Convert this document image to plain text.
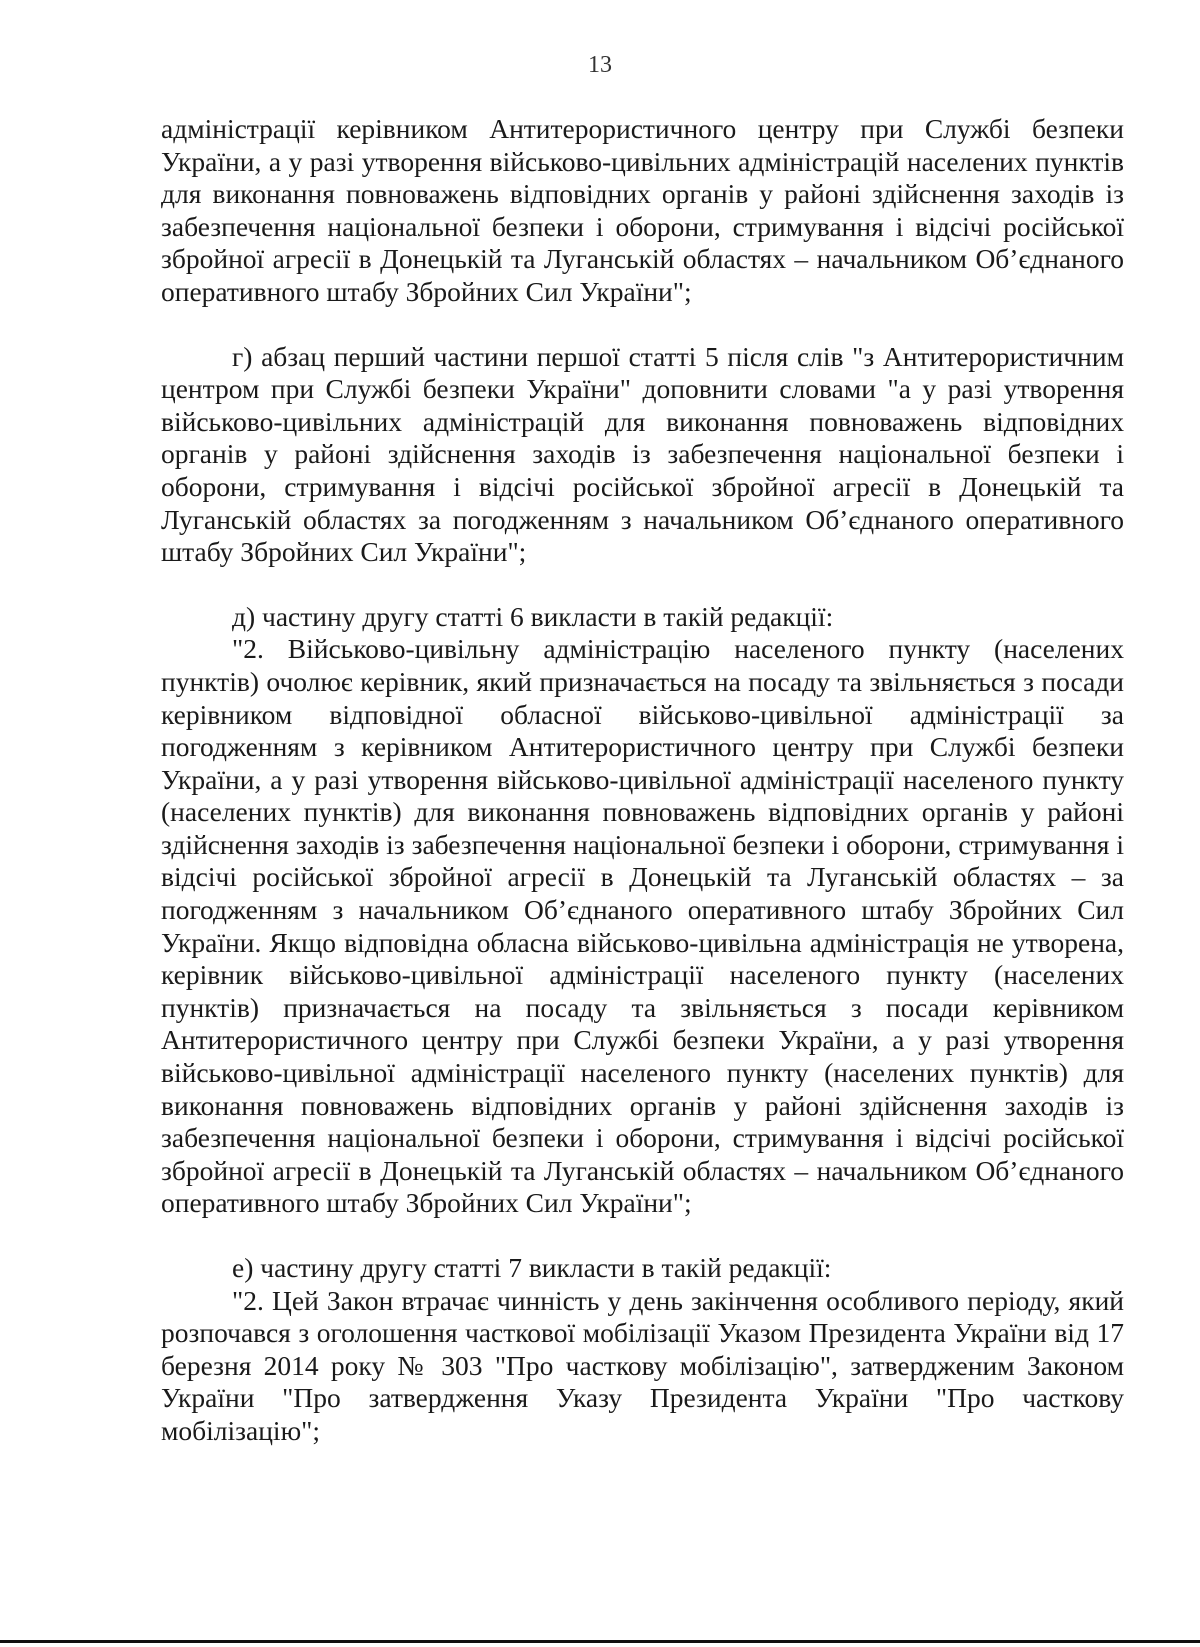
13

адміністрації керівником Антитерористичного центру при Службі безпеки України, а у разі утворення військово-цивільних адміністрацій населених пунктів для виконання повноважень відповідних органів у районі здійснення заходів із забезпечення національної безпеки і оборони, стримування і відсічі російської збройної агресії в Донецькій та Луганській областях – начальником Об’єднаного оперативного штабу Збройних Сил України";

г) абзац перший частини першої статті 5 після слів "з Антитерористичним центром при Службі безпеки України" доповнити словами "а у разі утворення військово-цивільних адміністрацій для виконання повноважень відповідних органів у районі здійснення заходів із забезпечення національної безпеки і оборони, стримування і відсічі російської збройної агресії в Донецькій та Луганській областях за погодженням з начальником Об’єднаного оперативного штабу Збройних Сил України";

д) частину другу статті 6 викласти в такій редакції:

"2. Військово-цивільну адміністрацію населеного пункту (населених пунктів) очолює керівник, який призначається на посаду та звільняється з посади керівником відповідної обласної військово-цивільної адміністрації за погодженням з керівником Антитерористичного центру при Службі безпеки України, а у разі утворення військово-цивільної адміністрації населеного пункту (населених пунктів) для виконання повноважень відповідних органів у районі здійснення заходів із забезпечення національної безпеки і оборони, стримування і відсічі російської збройної агресії в Донецькій та Луганській областях – за погодженням з начальником Об’єднаного оперативного штабу Збройних Сил України. Якщо відповідна обласна військово-цивільна адміністрація не утворена, керівник військово-цивільної адміністрації населеного пункту (населених пунктів) призначається на посаду та звільняється з посади керівником Антитерористичного центру при Службі безпеки України, а у разі утворення військово-цивільної адміністрації населеного пункту (населених пунктів) для виконання повноважень відповідних органів у районі здійснення заходів із забезпечення національної безпеки і оборони, стримування і відсічі російської збройної агресії в Донецькій та Луганській областях – начальником Об’єднаного оперативного штабу Збройних Сил України";

е) частину другу статті 7 викласти в такій редакції:

"2. Цей Закон втрачає чинність у день закінчення особливого періоду, який розпочався з оголошення часткової мобілізації Указом Президента України від 17 березня 2014 року № 303 "Про часткову мобілізацію", затвердженим Законом України "Про затвердження Указу Президента України "Про часткову мобілізацію";
